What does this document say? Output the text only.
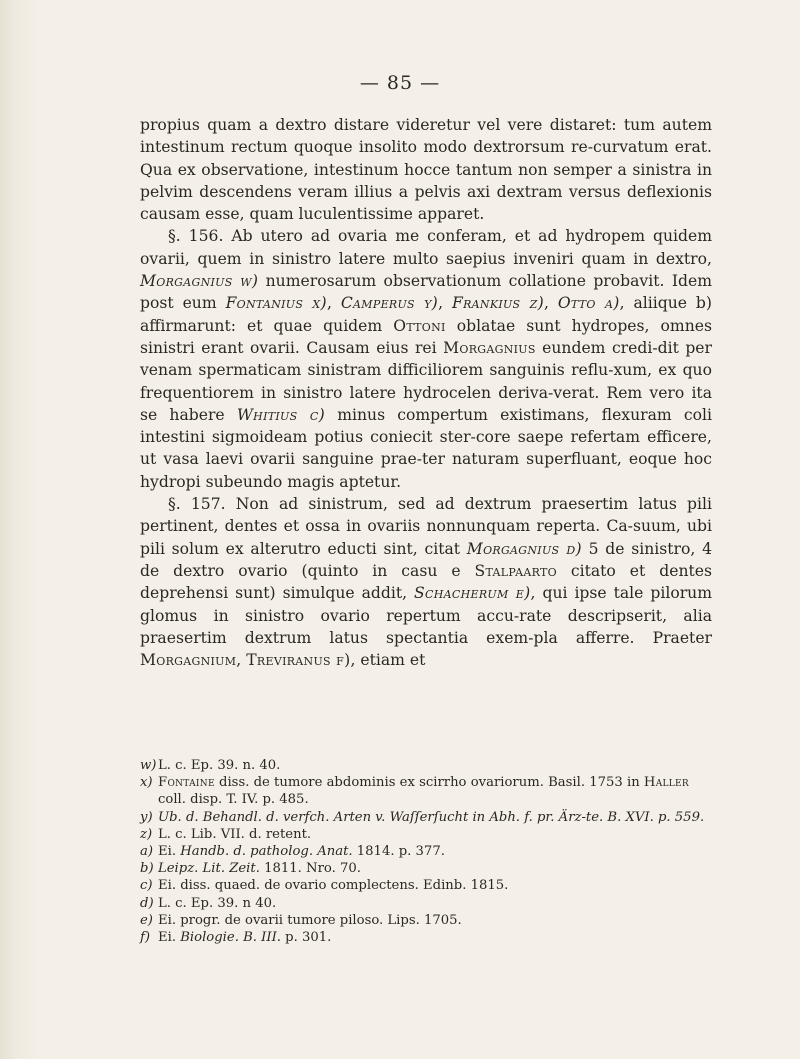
— 85 —

propius quam a dextro distare videretur vel vere distaret: tum autem intestinum rectum quoque insolito modo dextrorsum re-curvatum erat. Qua ex observatione, intestinum hocce tantum non semper a sinistra in pelvim descendens veram illius a pelvis axi dextram versus deflexionis causam esse, quam luculentissime apparet.

§. 156. Ab utero ad ovaria me conferam, et ad hydropem quidem ovarii, quem in sinistro latere multo saepius inveniri quam in dextro, Morgagnius w) numerosarum observationum collatione probavit. Idem post eum Fontanius x), Camperus y), Frankius z), Otto a), aliique b) affirmarunt: et quae quidem Ottoni oblatae sunt hydropes, omnes sinistri erant ovarii. Causam eius rei Morgagnius eundem credi-dit per venam spermaticam sinistram difficiliorem sanguinis reflu-xum, ex quo frequentiorem in sinistro latere hydrocelen deriva-verat. Rem vero ita se habere Whitius c) minus compertum existimans, flexuram coli intestini sigmoideam potius coniecit ster-core saepe refertam efficere, ut vasa laevi ovarii sanguine prae-ter naturam superfluant, eoque hoc hydropi subeundo magis aptetur.

§. 157. Non ad sinistrum, sed ad dextrum praesertim latus pili pertinent, dentes et ossa in ovariis nonnunquam reperta. Ca-suum, ubi pili solum ex alterutro educti sint, citat Morgagnius d) 5 de sinistro, 4 de dextro ovario (quinto in casu e Stalpaarto citato et dentes deprehensi sunt) simulque addit, Schacherum e), qui ipse tale pilorum glomus in sinistro ovario repertum accu-rate descripserit, alia praesertim dextrum latus spectantia exem-pla afferre. Praeter Morgagnium, Treviranus f), etiam et

w) L. c. Ep. 39. n. 40.
x) Fontaine diss. de tumore abdominis ex scirrho ovariorum. Basil. 1753 in Haller coll. disp. T. IV. p. 485.
y) Ub. d. Behandl. d. verfch. Arten v. Waſſerſucht in Abh. f. pr. Ärz-te. B. XVI. p. 559.
z) L. c. Lib. VII. d. retent.
a) Ei. Handb. d. patholog. Anat. 1814. p. 377.
b) Leipz. Lit. Zeit. 1811. Nro. 70.
c) Ei. diss. quaed. de ovario complectens. Edinb. 1815.
d) L. c. Ep. 39. n 40.
e) Ei. progr. de ovarii tumore piloso. Lips. 1705.
f) Ei. Biologie. B. III. p. 301.
